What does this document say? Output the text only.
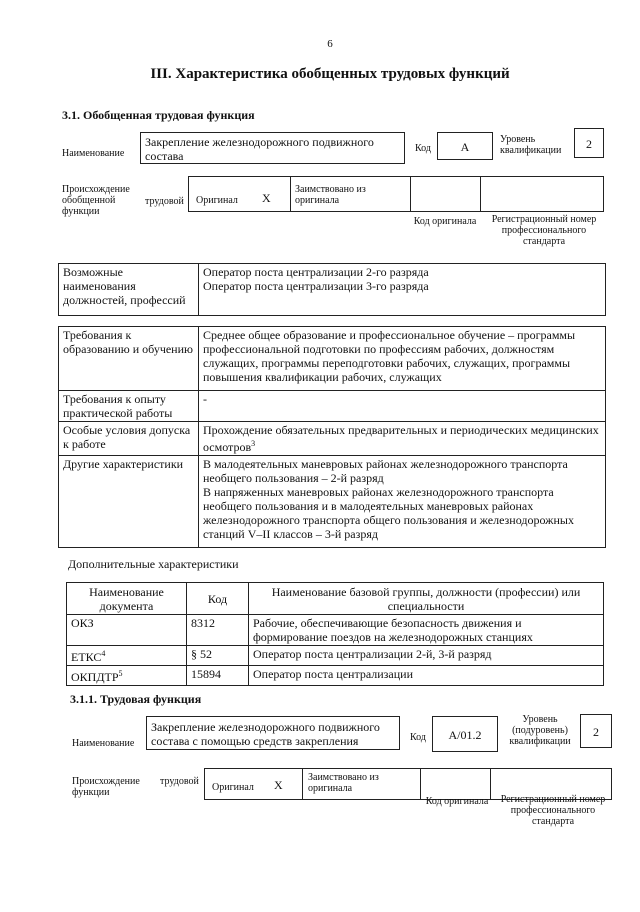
6
III. Характеристика обобщенных трудовых функций
3.1. Обобщенная трудовая функция
Наименование
Закрепление железнодорожного подвижного состава
Код	А
Уровень квалификации	2
Происхождение обобщенной функции
трудовой Оригинал Х
Заимствовано из оригинала
Код оригинала	Регистрационный номер профессионального стандарта
Возможные наименования должностей, профессий	
Оператор поста централизации 2-го разряда
Оператор поста централизации 3-го разряда
Требования к образованию и обучению	Среднее общее образование и профессиональное обучение – программы профессиональной подготовки по профессиям рабочих, должностям служащих, программы переподготовки рабочих, служащих, программы повышения квалификации рабочих, служащих
Требования к опыту практической работы	-
Особые условия допуска к работе	Прохождение обязательных предварительных и периодических медицинских осмотров$^3$
Другие характеристики	В малодеятельных маневровых районах железнодорожного транспорта необщего пользования – 2-й разряд
В напряженных маневровых районах железнодорожного транспорта необщего пользования и в малодеятельных маневровых районах железнодорожного транспорта общего пользования и железнодорожных станций V–II классов – 3-й разряд
Дополнительные характеристики
Наименование документа	Код	Наименование базовой группы, должности (профессии) или специальности
ОКЗ	8312	Рабочие, обеспечивающие безопасность движения и формирование поездов на железнодорожных станциях
ЕТКС$^4$	§ 52	Оператор поста централизации 2-й, 3-й разряд
ОКПДТР$^5$	15894	Оператор поста централизации
3.1.1. Трудовая функция
Наименование
Закрепление железнодорожного подвижного состава с помощью средств закрепления	Код	А/01.2
Уровень (подуровень) квалификации
2
Происхождение функции
трудовой
Оригинал Х
Заимствовано из оригинала
Код оригинала	Регистрационный номер профессионального стандарта
